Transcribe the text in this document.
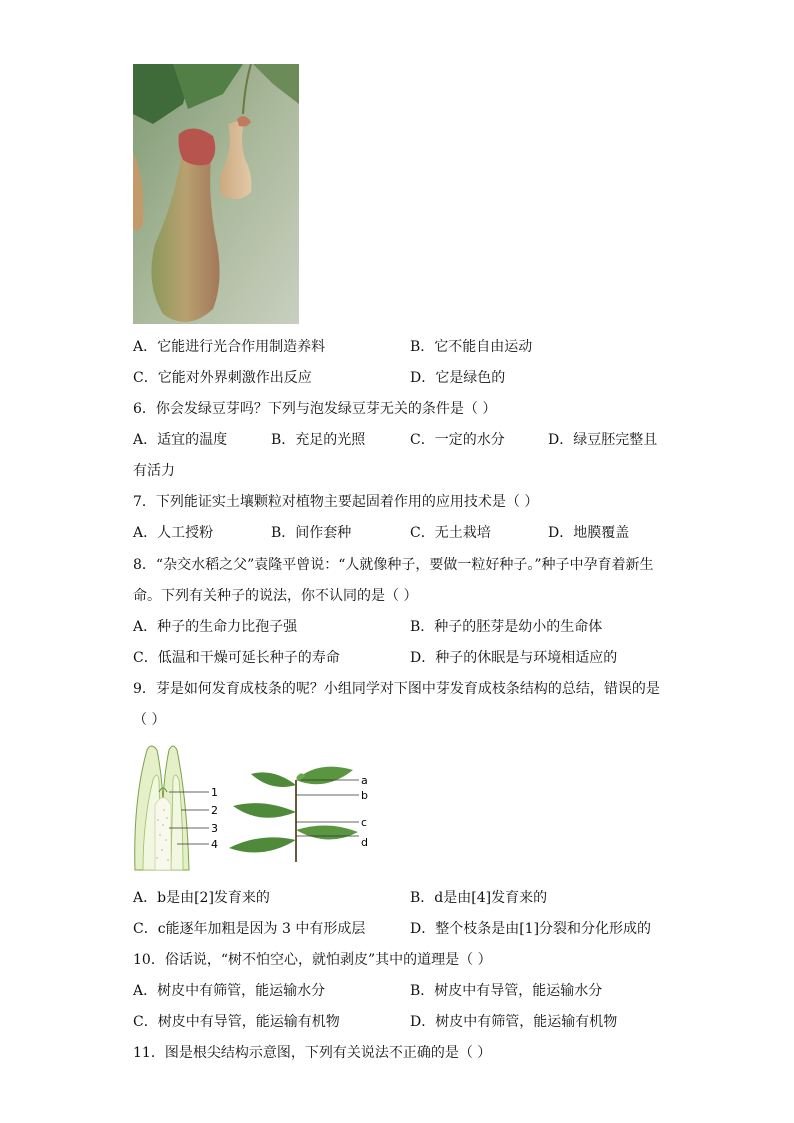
A．它能进行光合作用制造养料	B．它不能自由运动
C．它能对外界刺激作出反应	D．它是绿色的
6．你会发绿豆芽吗？下列与泡发绿豆芽无关的条件是（ ）
A．适宜的温度	B．充足的光照	C．一定的水分	D．绿豆胚完整且
有活力
7．下列能证实土壤颗粒对植物主要起固着作用的应用技术是（ ）
A．人工授粉	B．间作套种	C．无土栽培	D．地膜覆盖
8．“杂交水稻之父”袁隆平曾说：“人就像种子，要做一粒好种子。”种子中孕育着新生
命。下列有关种子的说法，你不认同的是（ ）
A．种子的生命力比孢子强	B．种子的胚芽是幼小的生命体
C．低温和干燥可延长种子的寿命	D．种子的休眠是与环境相适应的
9．芽是如何发育成枝条的呢？小组同学对下图中芽发育成枝条结构的总结，错误的是
（ ）
1
2
3
4
a
b
c
d
A．b是由[2]发育来的	B．d是由[4]发育来的
C．c能逐年加粗是因为 3 中有形成层	D．整个枝条是由[1]分裂和分化形成的
10．俗话说，“树不怕空心，就怕剥皮”其中的道理是（ ）
A．树皮中有筛管，能运输水分	B．树皮中有导管，能运输水分
C．树皮中有导管，能运输有机物	D．树皮中有筛管，能运输有机物
11．图是根尖结构示意图，下列有关说法不正确的是（ ）
